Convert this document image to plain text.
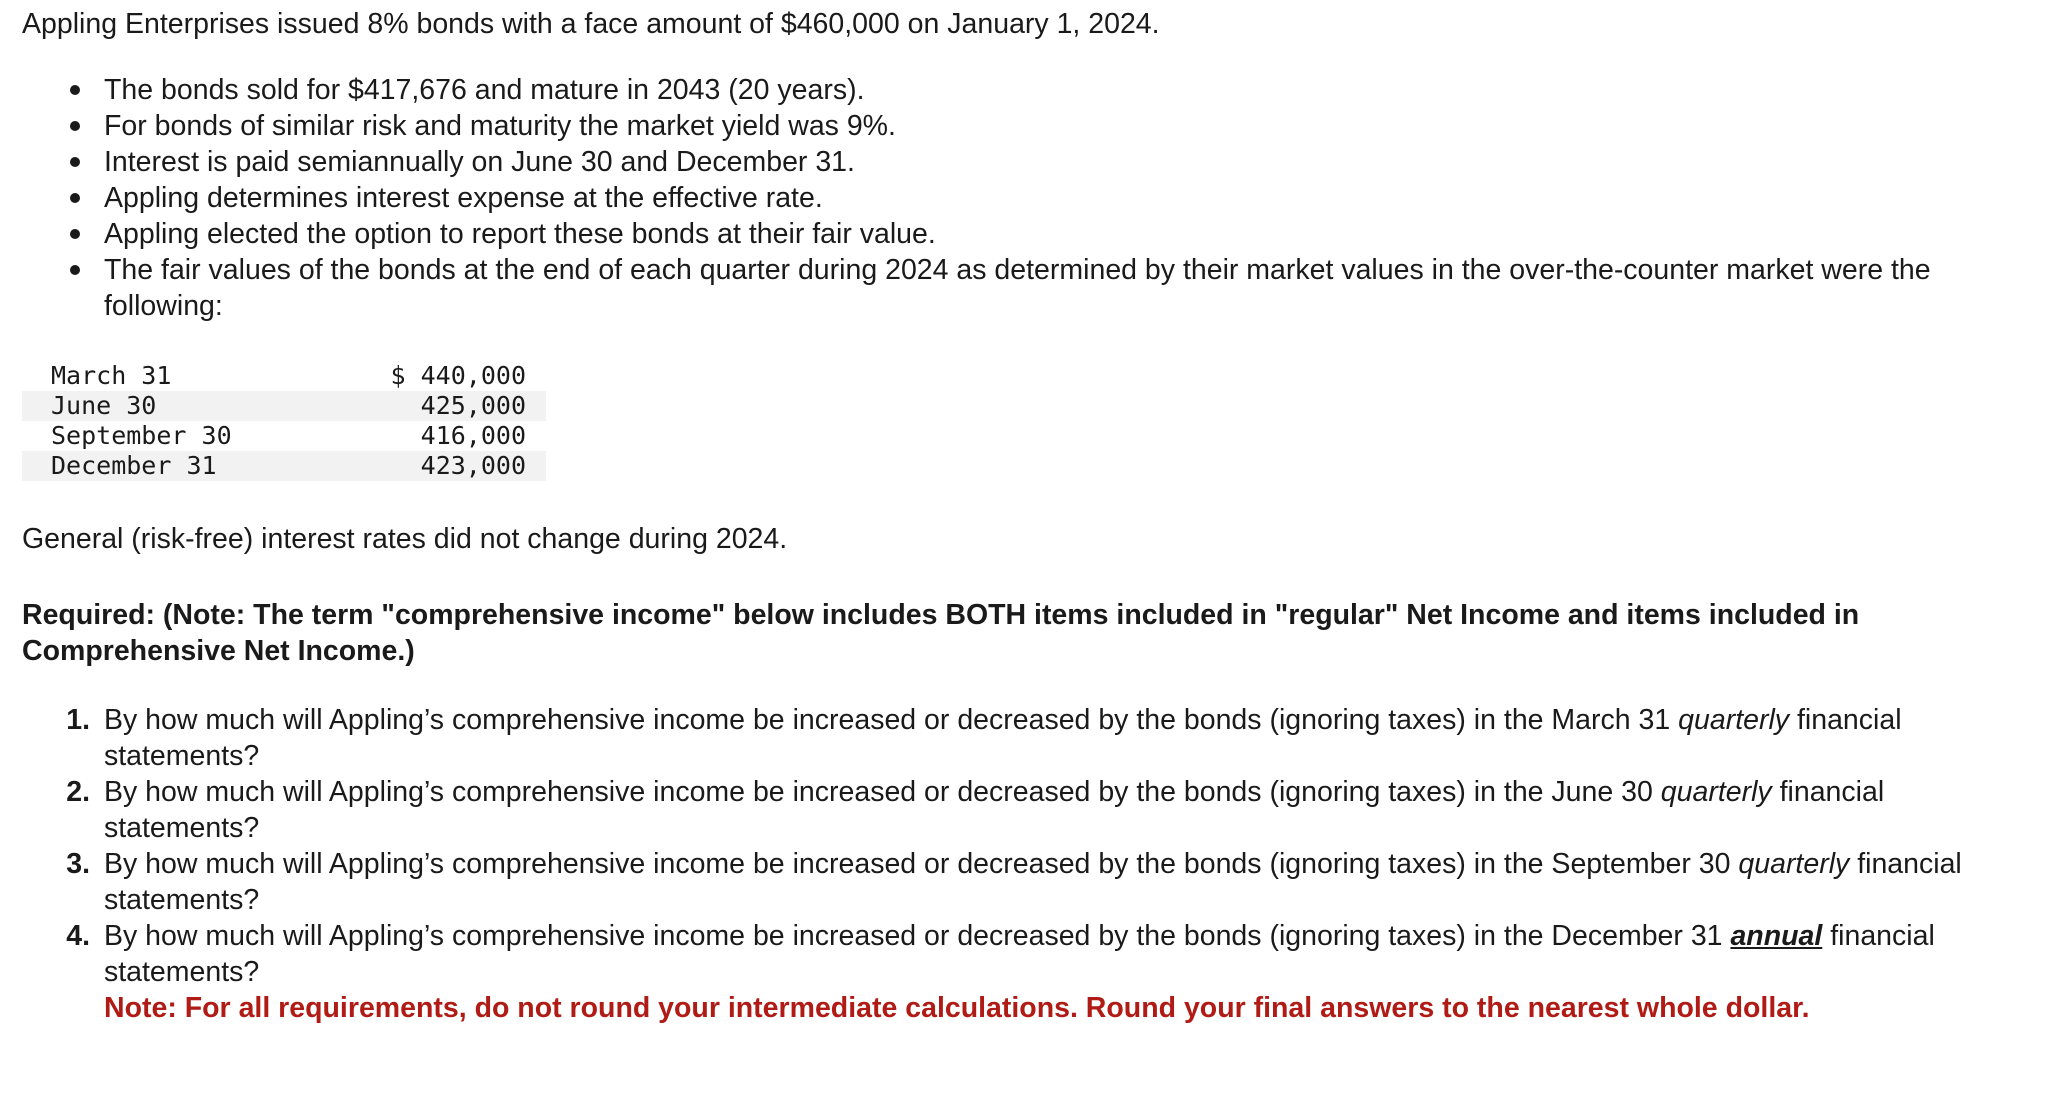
Appling Enterprises issued 8% bonds with a face amount of $460,000 on January 1, 2024.

The bonds sold for $417,676 and mature in 2043 (20 years).
For bonds of similar risk and maturity the market yield was 9%.
Interest is paid semiannually on June 30 and December 31.
Appling determines interest expense at the effective rate.
Appling elected the option to report these bonds at their fair value.
The fair values of the bonds at the end of each quarter during 2024 as determined by their market values in the over-the-counter market were the following:
March 31	$ 440,000
June 30	425,000
September 30	416,000
December 31	423,000

General (risk-free) interest rates did not change during 2024.

Required: (Note: The term "comprehensive income" below includes BOTH items included in "regular" Net Income and items included in Comprehensive Net Income.)

1. By how much will Appling’s comprehensive income be increased or decreased by the bonds (ignoring taxes) in the March 31 quarterly financial statements?
2. By how much will Appling’s comprehensive income be increased or decreased by the bonds (ignoring taxes) in the June 30 quarterly financial statements?
3. By how much will Appling’s comprehensive income be increased or decreased by the bonds (ignoring taxes) in the September 30 quarterly financial statements?
4. By how much will Appling’s comprehensive income be increased or decreased by the bonds (ignoring taxes) in the December 31 annual financial statements?
Note: For all requirements, do not round your intermediate calculations. Round your final answers to the nearest whole dollar.
